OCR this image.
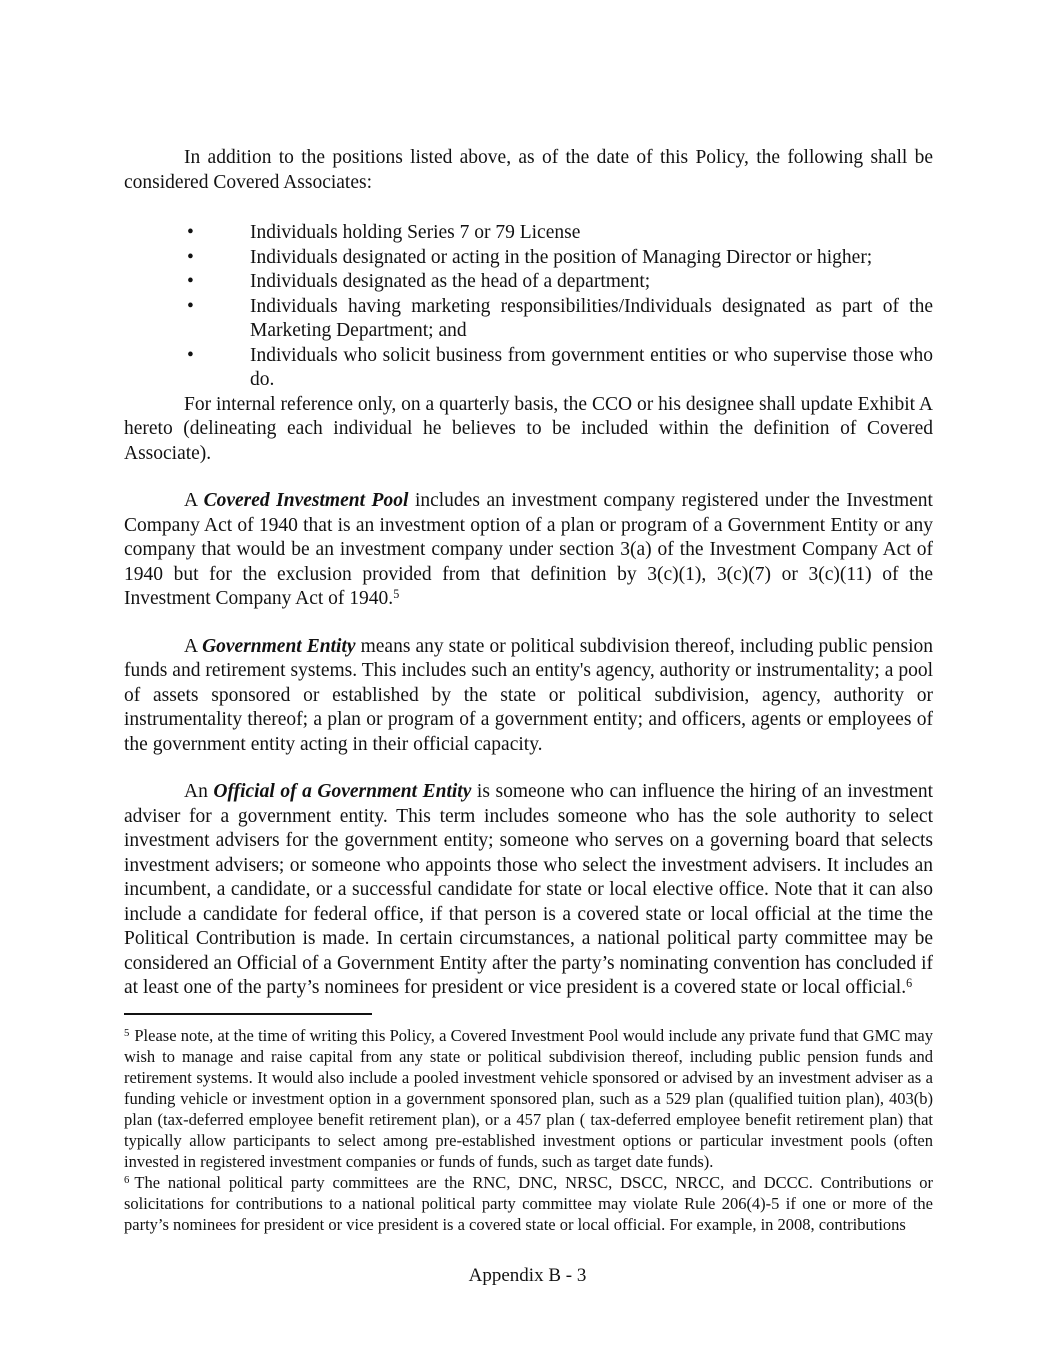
In addition to the positions listed above, as of the date of this Policy, the following shall be considered Covered Associates:

•	Individuals holding Series 7 or 79 License
•	Individuals designated or acting in the position of Managing Director or higher;
•	Individuals designated as the head of a department;
•	Individuals having marketing responsibilities/Individuals designated as part of the Marketing Department; and
•	Individuals who solicit business from government entities or who supervise those who do.

For internal reference only, on a quarterly basis, the CCO or his designee shall update Exhibit A hereto (delineating each individual he believes to be included within the definition of Covered Associate).

A Covered Investment Pool includes an investment company registered under the Investment Company Act of 1940 that is an investment option of a plan or program of a Government Entity or any company that would be an investment company under section 3(a) of the Investment Company Act of 1940 but for the exclusion provided from that definition by 3(c)(1), 3(c)(7) or 3(c)(11) of the Investment Company Act of 1940.$^5$

A Government Entity means any state or political subdivision thereof, including public pension funds and retirement systems. This includes such an entity's agency, authority or instrumentality; a pool of assets sponsored or established by the state or political subdivision, agency, authority or instrumentality thereof; a plan or program of a government entity; and officers, agents or employees of the government entity acting in their official capacity.

An Official of a Government Entity is someone who can influence the hiring of an investment adviser for a government entity. This term includes someone who has the sole authority to select investment advisers for the government entity; someone who serves on a governing board that selects investment advisers; or someone who appoints those who select the investment advisers. It includes an incumbent, a candidate, or a successful candidate for state or local elective office. Note that it can also include a candidate for federal office, if that person is a covered state or local official at the time the Political Contribution is made. In certain circumstances, a national political party committee may be considered an Official of a Government Entity after the party’s nominating convention has concluded if at least one of the party’s nominees for president or vice president is a covered state or local official.$^6$

$^5$ Please note, at the time of writing this Policy, a Covered Investment Pool would include any private fund that GMC may wish to manage and raise capital from any state or political subdivision thereof, including public pension funds and retirement systems. It would also include a pooled investment vehicle sponsored or advised by an investment adviser as a funding vehicle or investment option in a government sponsored plan, such as a 529 plan (qualified tuition plan), 403(b) plan (tax-deferred employee benefit retirement plan), or a 457 plan ( tax-deferred employee benefit retirement plan) that typically allow participants to select among pre-established investment options or particular investment pools (often invested in registered investment companies or funds of funds, such as target date funds).
$^6$ The national political party committees are the RNC, DNC, NRSC, DSCC, NRCC, and DCCC. Contributions or solicitations for contributions to a national political party committee may violate Rule 206(4)-5 if one or more of the party’s nominees for president or vice president is a covered state or local official. For example, in 2008, contributions
Appendix B - 3
